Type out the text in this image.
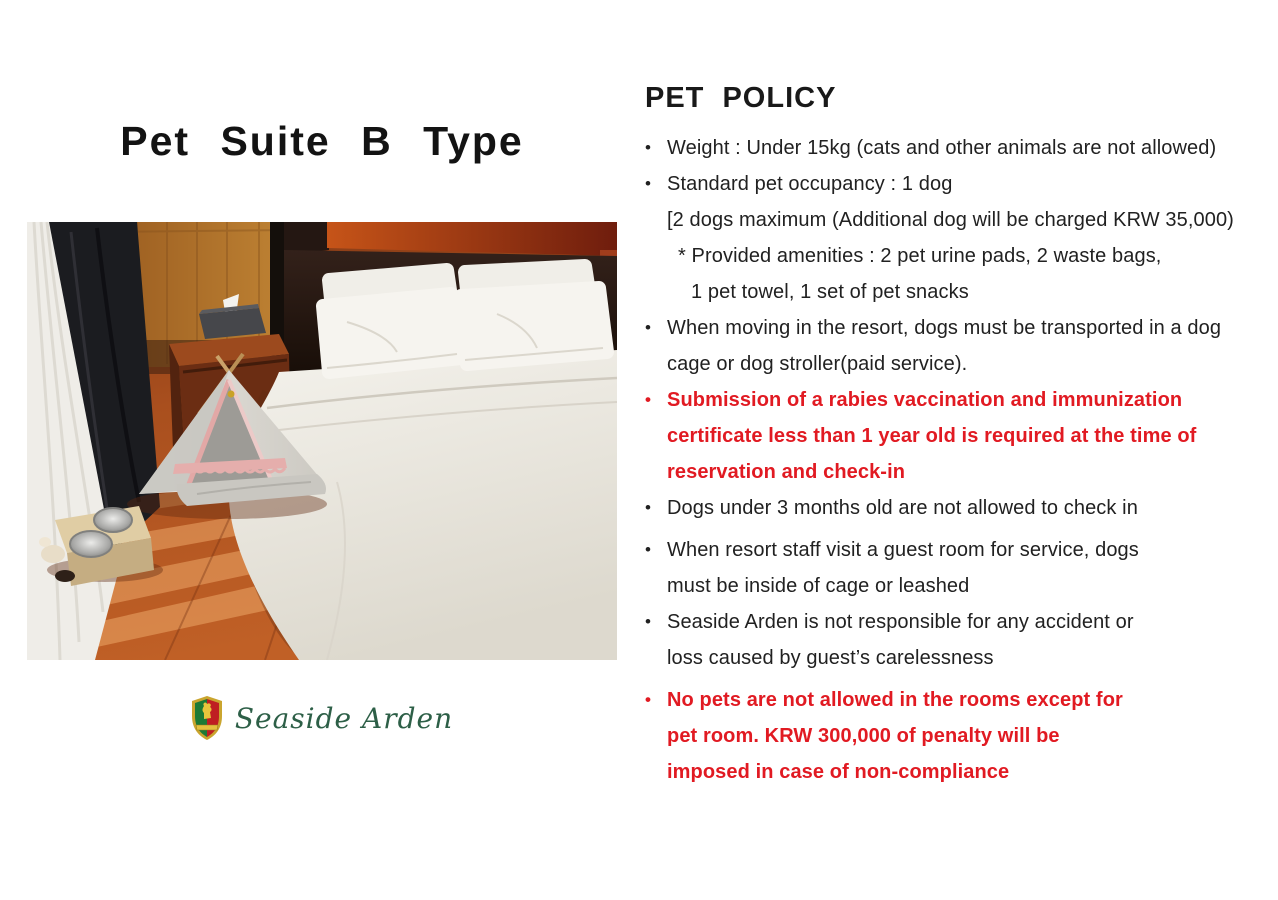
Pet Suite B Type
Seaside Arden
PET POLICY
• Weight : Under 15kg (cats and other animals are not allowed)
• Standard pet occupancy : 1 dog
[2 dogs maximum (Additional dog will be charged KRW 35,000)
* Provided amenities : 2 pet urine pads, 2 waste bags,
1 pet towel, 1 set of pet snacks
• When moving in the resort, dogs must be transported in a dog
cage or dog stroller(paid service).
• Submission of a rabies vaccination and immunization
certificate less than 1 year old is required at the time of
reservation and check-in
• Dogs under 3 months old are not allowed to check in
• When resort staff visit a guest room for service, dogs
must be inside of cage or leashed
• Seaside Arden is not responsible for any accident or
loss caused by guest’s carelessness
• No pets are not allowed in the rooms except for
pet room. KRW 300,000 of penalty will be
imposed in case of non-compliance
